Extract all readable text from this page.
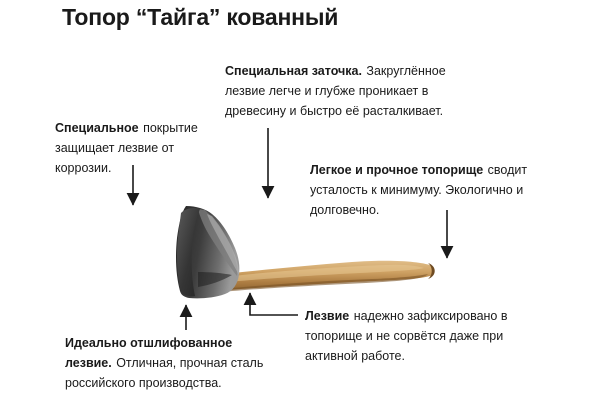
Топор “Тайга” кованный
Специальное покрытие защищает лезвие от коррозии.
Специальная заточка. Закруглённое лезвие легче и глубже проникает в древесину и быстро её расталкивает.
Легкое и прочное топорище сводит усталость к минимуму. Экологично и долговечно.
Лезвие надежно зафиксировано в топорище и не сорвётся даже при активной работе.
Идеально отшлифованное лезвие. Отличная, прочная сталь российского производства.
